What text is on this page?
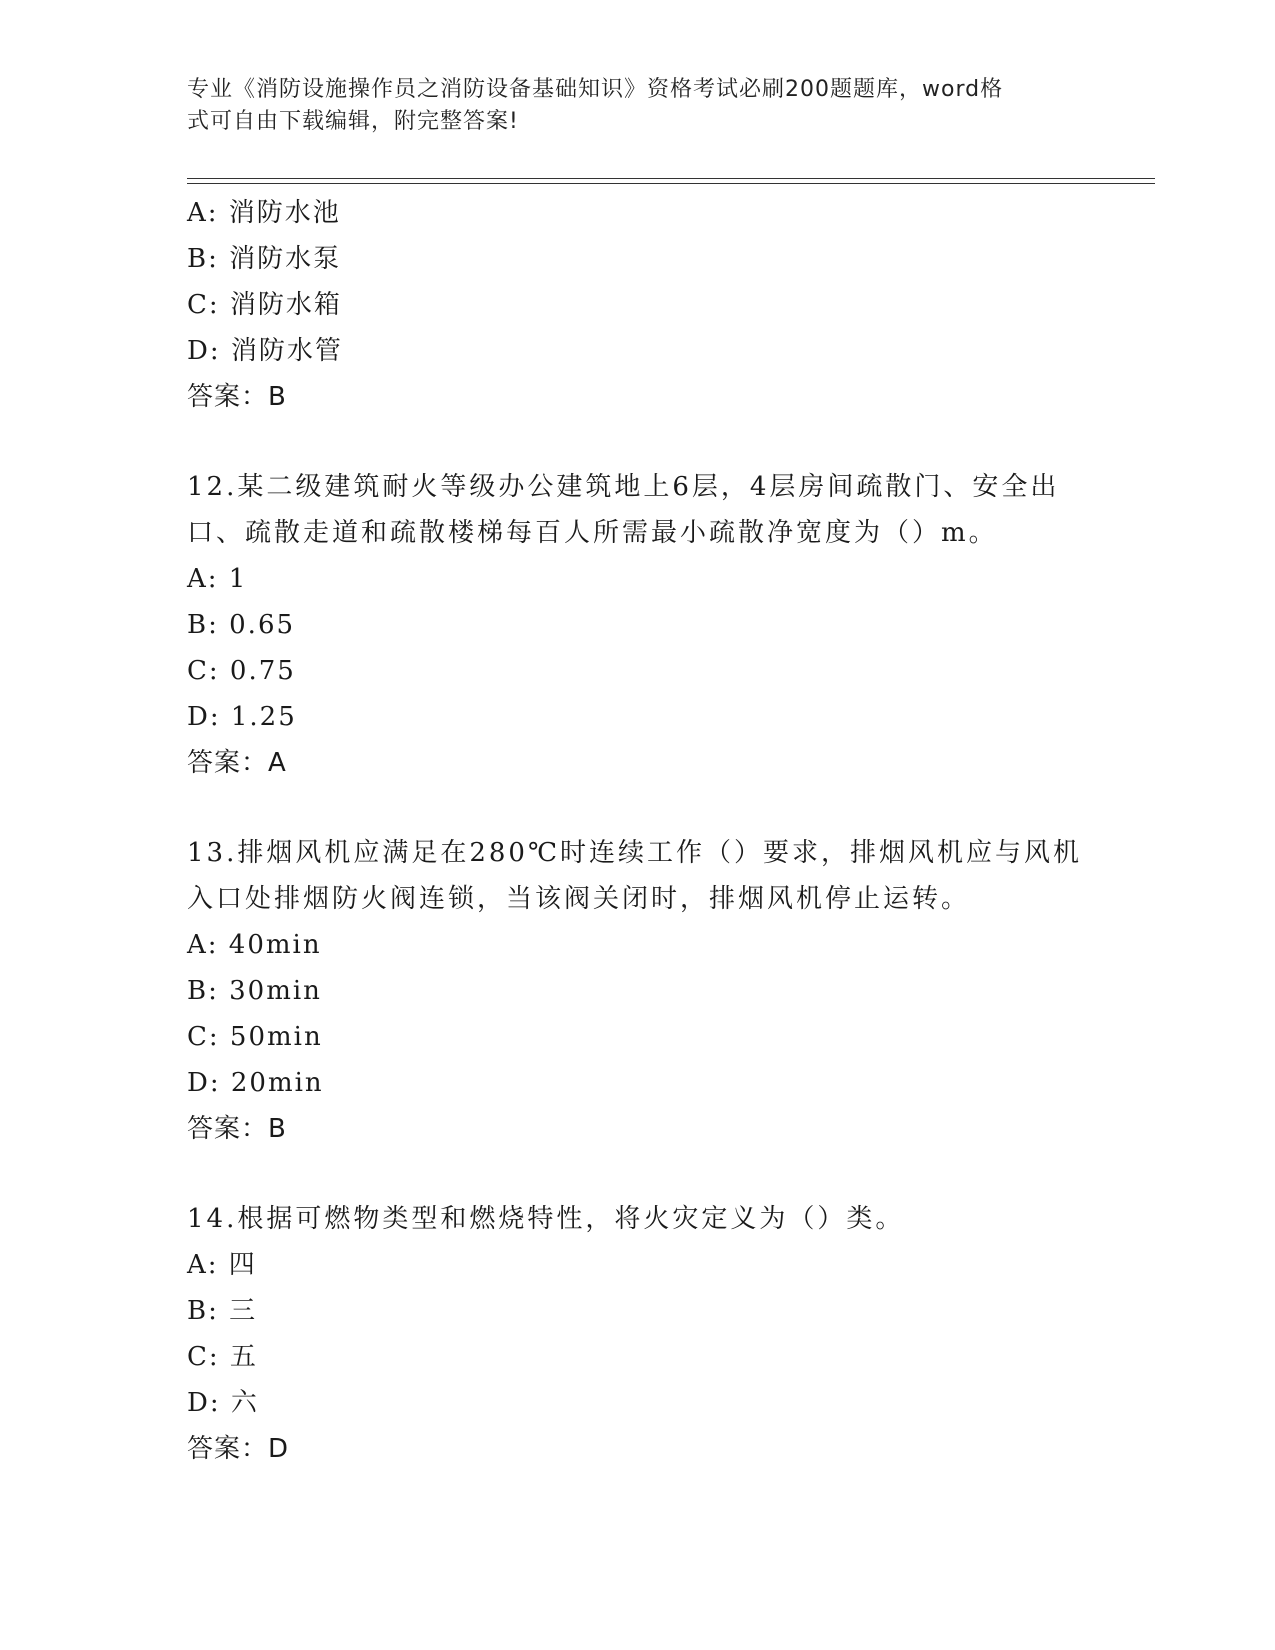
专业《消防设施操作员之消防设备基础知识》资格考试必刷200题题库，word格
式可自由下载编辑，附完整答案!
A: 消防水池
B: 消防水泵
C: 消防水箱
D: 消防水管
答案：B
12.某二级建筑耐火等级办公建筑地上6层，4层房间疏散门、安全出
口、疏散走道和疏散楼梯每百人所需最小疏散净宽度为（）m。
A: 1
B: 0.65
C: 0.75
D: 1.25
答案：A
13.排烟风机应满足在280℃时连续工作（）要求，排烟风机应与风机
入口处排烟防火阀连锁，当该阀关闭时，排烟风机停止运转。
A: 40min
B: 30min
C: 50min
D: 20min
答案：B
14.根据可燃物类型和燃烧特性，将火灾定义为（）类。
A: 四
B: 三
C: 五
D: 六
答案：D
